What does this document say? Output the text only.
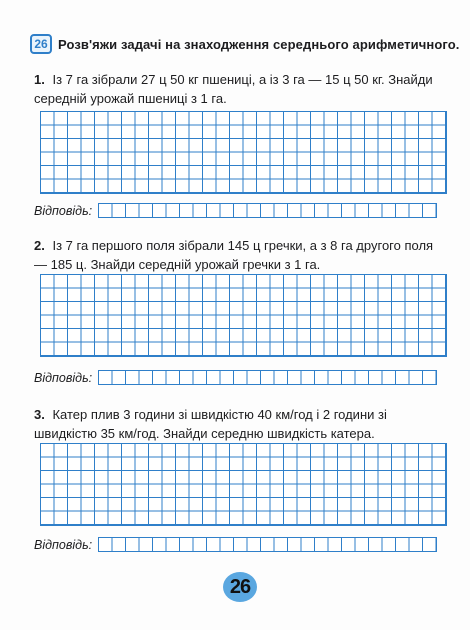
26 Розв'яжи задачі на знаходження середнього арифметичного.
1. Із 7 га зібрали 27 ц 50 кг пшениці, а із 3 га — 15 ц 50 кг. Знайди середній урожай пшениці з 1 га.
Відповідь:
2. Із 7 га першого поля зібрали 145 ц гречки, а з 8 га другого поля — 185 ц. Знайди середній урожай гречки з 1 га.
Відповідь:
3. Катер плив 3 години зі швидкістю 40 км/год і 2 години зі швидкістю 35 км/год. Знайди середню швидкість катера.
Відповідь:
26
